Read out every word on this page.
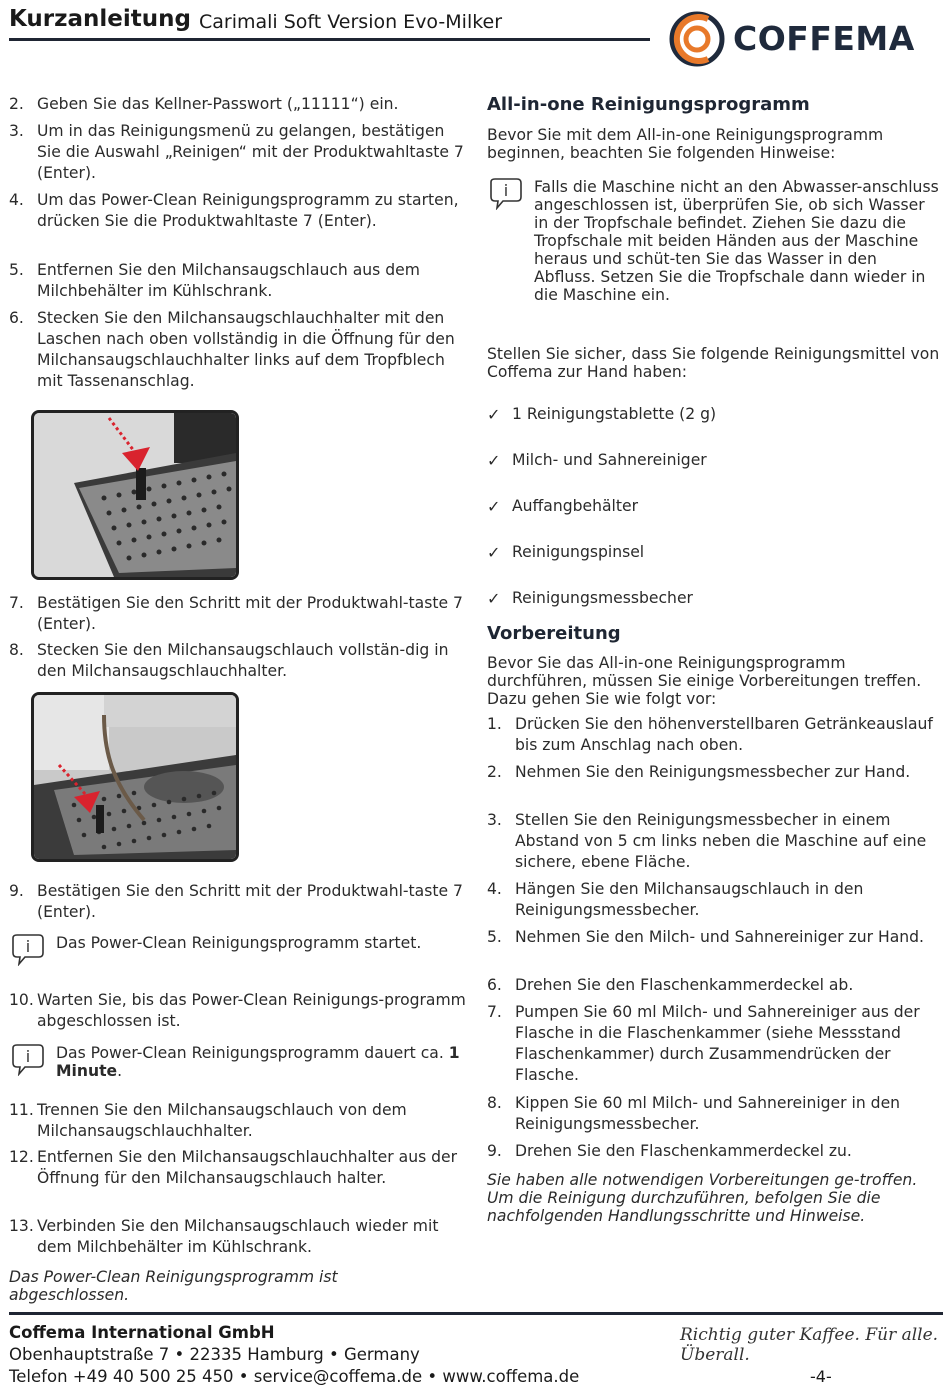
Kurzanleitung Carimali Soft Version Evo-Milker	COFFEMA
2. Geben Sie das Kellner-Passwort („11111“) ein.
3. Um in das Reinigungsmenü zu gelangen, bestätigen Sie die Auswahl „Reinigen“ mit der Produktwahltaste 7 (Enter).
4. Um das Power-Clean Reinigungsprogramm zu starten, drücken Sie die Produktwahltaste 7 (Enter).
5. Entfernen Sie den Milchansaugschlauch aus dem Milchbehälter im Kühlschrank.
6. Stecken Sie den Milchansaugschlauchhalter mit den Laschen nach oben vollständig in die Öffnung für den Milchansaugschlauchhalter links auf dem Tropfblech mit Tassenanschlag.
7. Bestätigen Sie den Schritt mit der Produktwahl-taste 7 (Enter).
8. Stecken Sie den Milchansaugschlauch vollstän-dig in den Milchansaugschlauchhalter.
9. Bestätigen Sie den Schritt mit der Produktwahl-taste 7 (Enter).
i Das Power-Clean Reinigungsprogramm startet.
10. Warten Sie, bis das Power-Clean Reinigungs-programm abgeschlossen ist.
i Das Power-Clean Reinigungsprogramm dauert ca. 1 Minute.
11. Trennen Sie den Milchansaugschlauch von dem Milchansaugschlauchhalter.
12. Entfernen Sie den Milchansaugschlauchhalter aus der Öffnung für den Milchansaugschlauch halter.
13. Verbinden Sie den Milchansaugschlauch wieder mit dem Milchbehälter im Kühlschrank.
Das Power-Clean Reinigungsprogramm ist abgeschlossen.
All-in-one Reinigungsprogramm
Bevor Sie mit dem All-in-one Reinigungsprogramm beginnen, beachten Sie folgenden Hinweise:
i Falls die Maschine nicht an den Abwasser-anschluss angeschlossen ist, überprüfen Sie, ob sich Wasser in der Tropfschale befindet. Ziehen Sie dazu die Tropfschale mit beiden Händen aus der Maschine heraus und schüt-ten Sie das Wasser in den Abfluss. Setzen Sie die Tropfschale dann wieder in die Maschine ein.
Stellen Sie sicher, dass Sie folgende Reinigungsmittel von Coffema zur Hand haben:
✓ 1 Reinigungstablette (2 g)
✓ Milch- und Sahnereiniger
✓ Auffangbehälter
✓ Reinigungspinsel
✓ Reinigungsmessbecher
Vorbereitung
Bevor Sie das All-in-one Reinigungsprogramm durchführen, müssen Sie einige Vorbereitungen treffen. Dazu gehen Sie wie folgt vor:
1. Drücken Sie den höhenverstellbaren Getränkeauslauf bis zum Anschlag nach oben.
2. Nehmen Sie den Reinigungsmessbecher zur Hand.
3. Stellen Sie den Reinigungsmessbecher in einem Abstand von 5 cm links neben die Maschine auf eine sichere, ebene Fläche.
4. Hängen Sie den Milchansaugschlauch in den Reinigungsmessbecher.
5. Nehmen Sie den Milch- und Sahnereiniger zur Hand.
6. Drehen Sie den Flaschenkammerdeckel ab.
7. Pumpen Sie 60 ml Milch- und Sahnereiniger aus der Flasche in die Flaschenkammer (siehe Messstand Flaschenkammer) durch Zusammendrücken der Flasche.
8. Kippen Sie 60 ml Milch- und Sahnereiniger in den Reinigungsmessbecher.
9. Drehen Sie den Flaschenkammerdeckel zu.
Sie haben alle notwendigen Vorbereitungen ge-troffen. Um die Reinigung durchzuführen, befolgen Sie die nachfolgenden Handlungsschritte und Hinweise.
Coffema International GmbH
Obenhauptstraße 7 • 22335 Hamburg • Germany
Telefon +49 40 500 25 450 • service@coffema.de • www.coffema.de
Richtig guter Kaffee. Für alle. Überall.
-4-
